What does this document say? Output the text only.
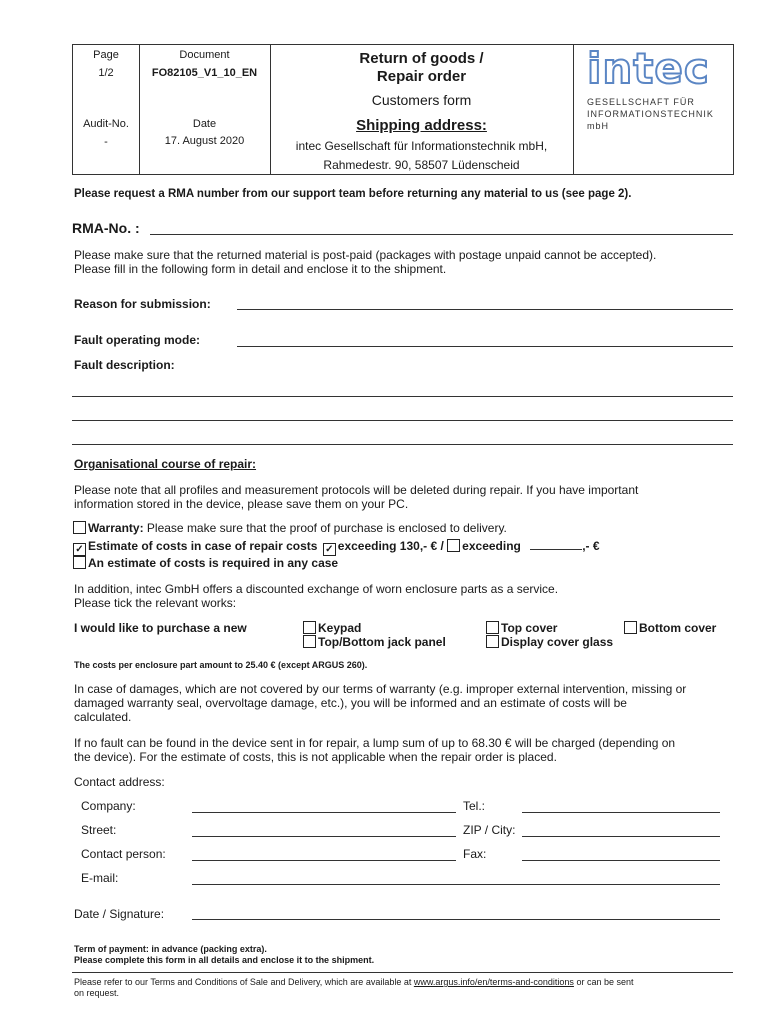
Page
1/2
Audit-No.
-
Document
FO82105_V1_10_EN
Date
17. August 2020
Return of goods /
Repair order
Customers form
Shipping address:
intec Gesellschaft für Informationstechnik mbH,
Rahmedestr. 90, 58507 Lüdenscheid
intec
GESELLSCHAFT FÜR
INFORMATIONSTECHNIK mbH
Please request a RMA number from our support team before returning any material to us (see page 2).
RMA-No. :
Please make sure that the returned material is post-paid (packages with postage unpaid cannot be accepted).
Please fill in the following form in detail and enclose it to the shipment.
Reason for submission:
Fault operating mode:
Fault description:
Organisational course of repair:
Please note that all profiles and measurement protocols will be deleted during repair. If you have important
information stored in the device, please save them on your PC.
Warranty: Please make sure that the proof of purchase is enclosed to delivery.
✓ Estimate of costs in case of repair costs ✓ exceeding 130,- € / exceeding	,- €
An estimate of costs is required in any case
In addition, intec GmbH offers a discounted exchange of worn enclosure parts as a service.
Please tick the relevant works:
I would like to purchase a new	Keypad
Top/Bottom jack panel
Top cover
Display cover glass
Bottom cover
The costs per enclosure part amount to 25.40 € (except ARGUS 260).
In case of damages, which are not covered by our terms of warranty (e.g. improper external intervention, missing or
damaged warranty seal, overvoltage damage, etc.), you will be informed and an estimate of costs will be
calculated.
If no fault can be found in the device sent in for repair, a lump sum of up to 68.30 € will be charged (depending on
the device). For the estimate of costs, this is not applicable when the repair order is placed.
Contact address:
Company:	Tel.:
Street:	ZIP / City:
Contact person:	Fax:
E-mail:
Date / Signature:
Term of payment: in advance (packing extra).
Please complete this form in all details and enclose it to the shipment.
Please refer to our Terms and Conditions of Sale and Delivery, which are available at www.argus.info/en/terms-and-conditions or can be sent
on request.
